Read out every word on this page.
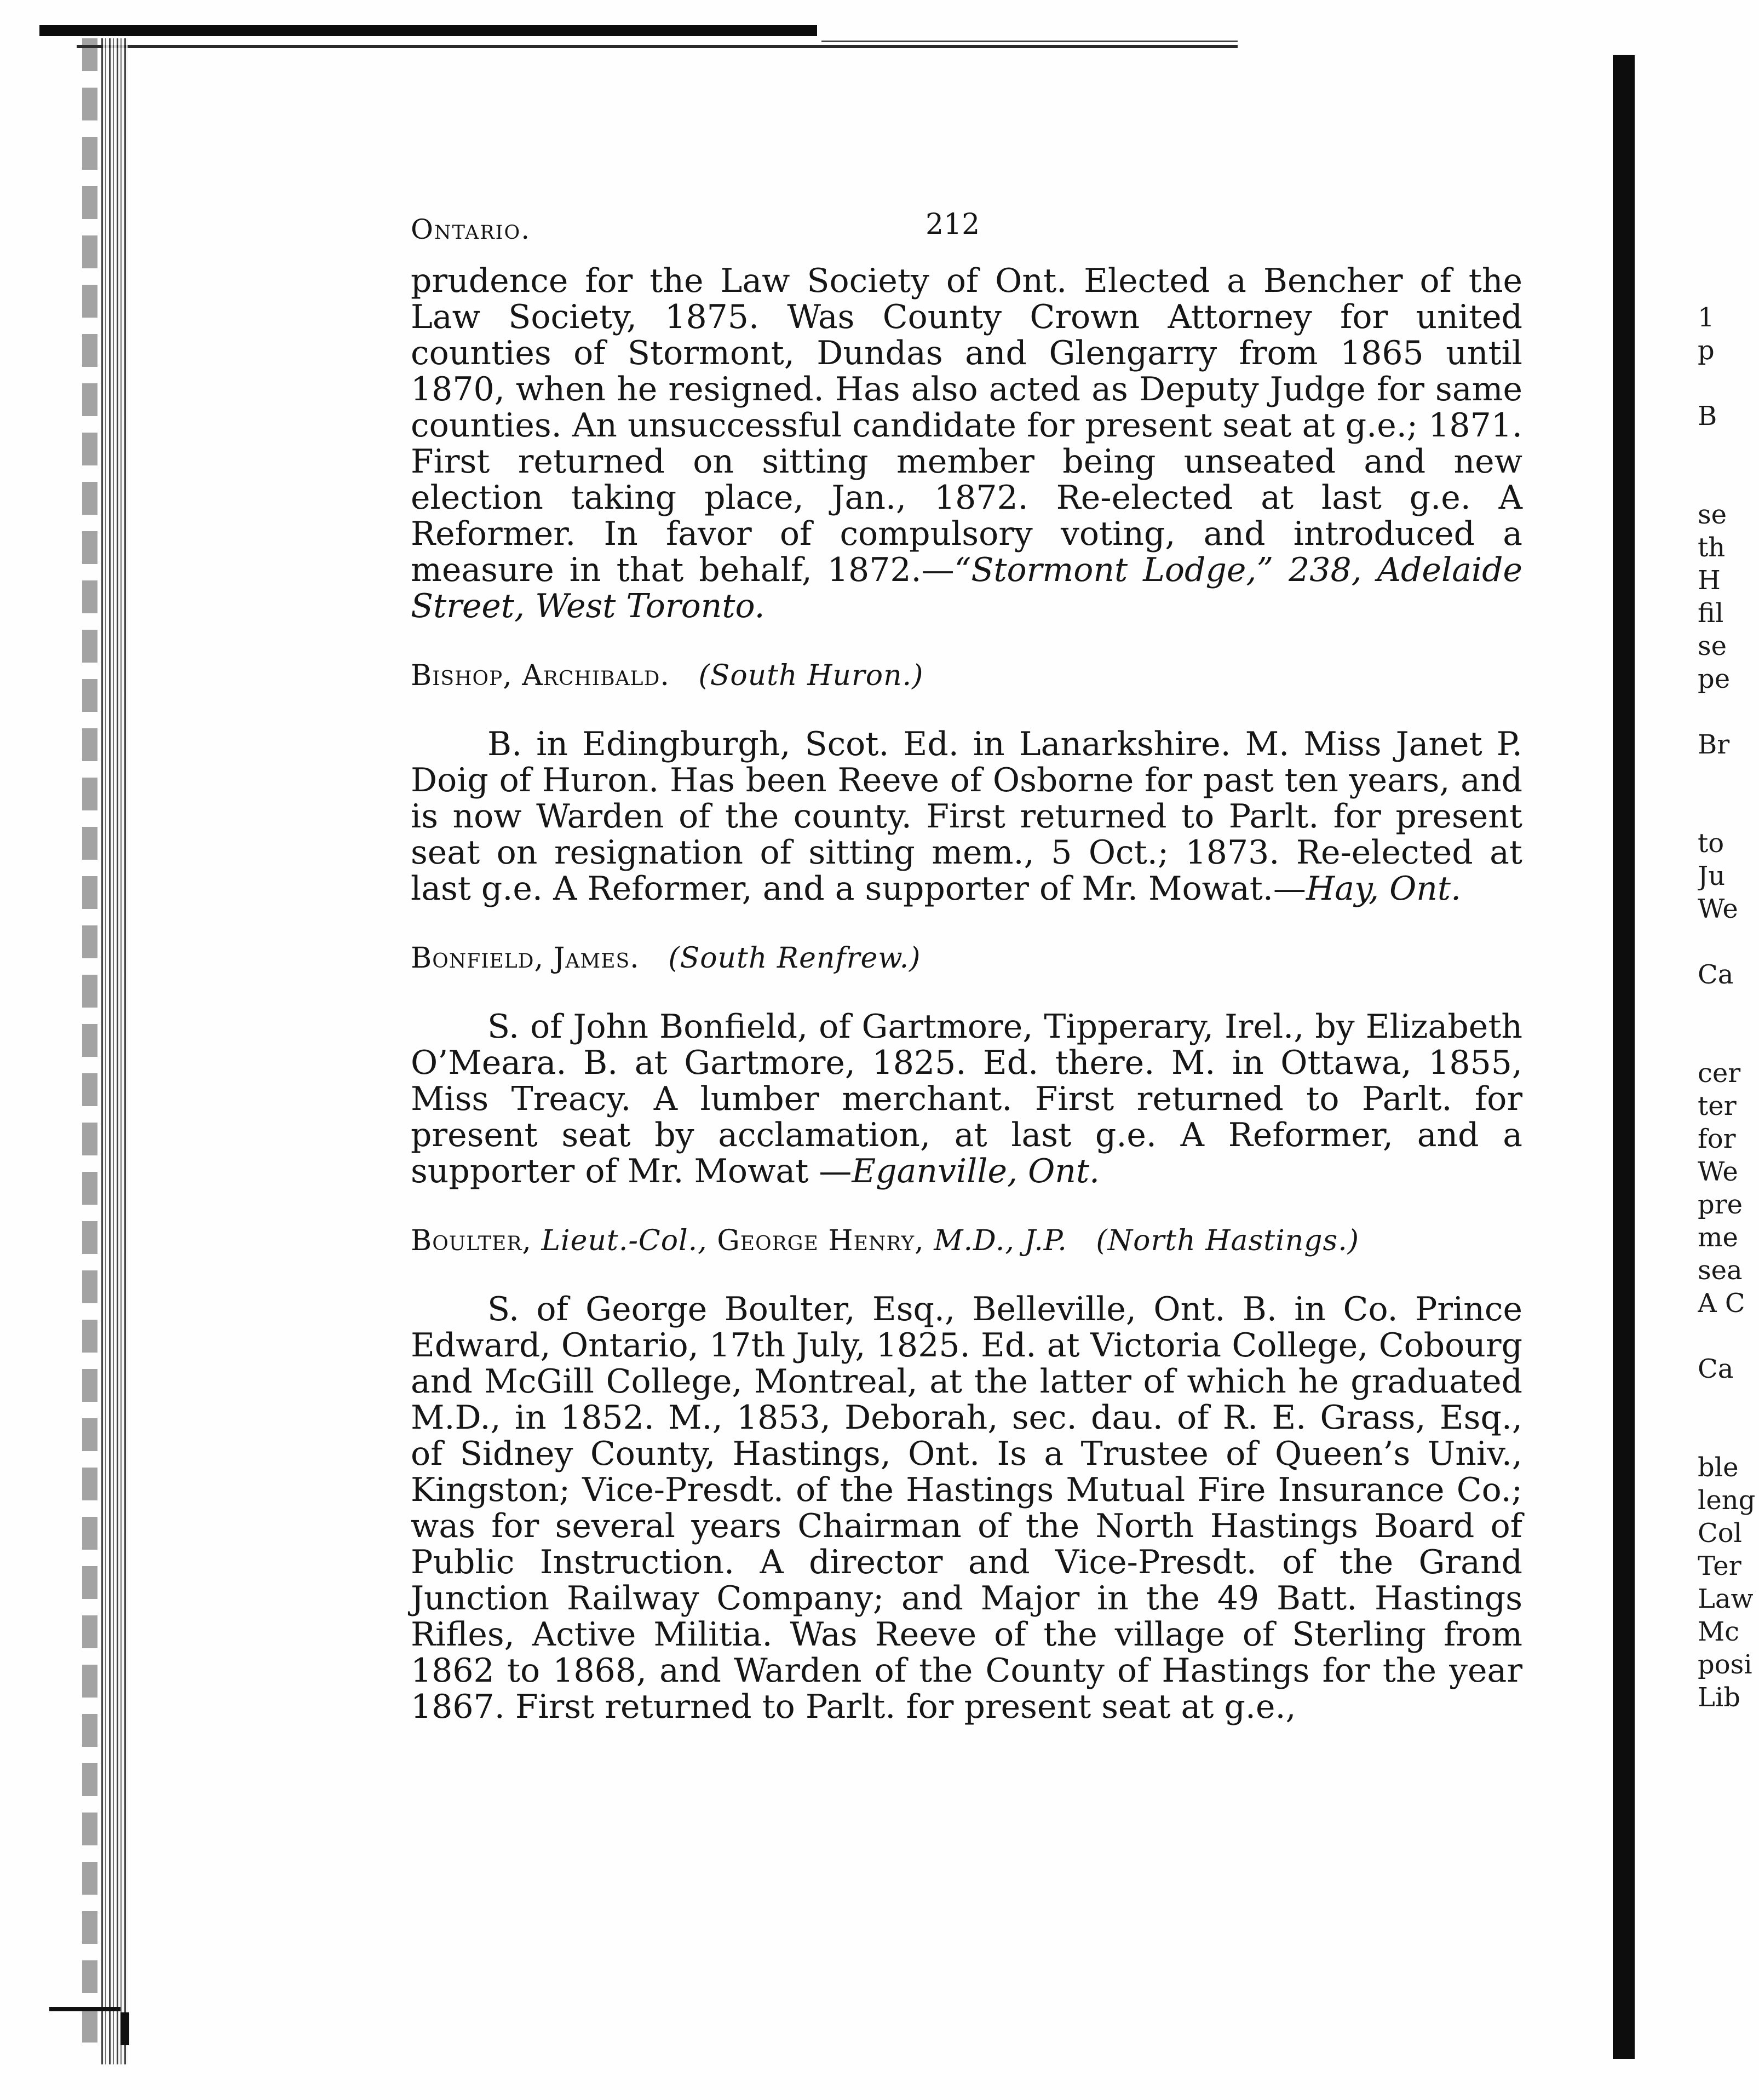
1
p

B

se
th
H
fil
se
pe

Br

to
Ju
We

Ca

cer
ter
for
We
pre
me
sea
A C

Ca

ble
leng
Col
Ter
Law
Mc
posi
Lib
Ontario.	212

prudence for the Law Society of Ont. Elected a Bencher of the Law Society, 1875. Was County Crown Attorney for united counties of Stormont, Dundas and Glengarry from 1865 until 1870, when he resigned. Has also acted as Deputy Judge for same counties. An unsuccessful candidate for present seat at g.e.; 1871. First returned on sitting member being unseated and new election taking place, Jan., 1872. Re-elected at last g.e. A Reformer. In favor of compulsory voting, and introduced a measure in that behalf, 1872.—“Stormont Lodge,” 238, Adelaide Street, West Toronto.

Bishop, Archibald. (South Huron.)

B. in Edingburgh, Scot. Ed. in Lanarkshire. M. Miss Janet P. Doig of Huron. Has been Reeve of Osborne for past ten years, and is now Warden of the county. First returned to Parlt. for present seat on resignation of sitting mem., 5 Oct.; 1873. Re-elected at last g.e. A Reformer, and a supporter of Mr. Mowat.—Hay, Ont.

Bonfield, James. (South Renfrew.)

S. of John Bonfield, of Gartmore, Tipperary, Irel., by Elizabeth O’Meara. B. at Gartmore, 1825. Ed. there. M. in Ottawa, 1855, Miss Treacy. A lumber merchant. First returned to Parlt. for present seat by acclamation, at last g.e. A Reformer, and a supporter of Mr. Mowat —Eganville, Ont.

Boulter, Lieut.-Col., George Henry, M.D., J.P. (North Hastings.)

S. of George Boulter, Esq., Belleville, Ont. B. in Co. Prince Edward, Ontario, 17th July, 1825. Ed. at Victoria College, Cobourg and McGill College, Montreal, at the latter of which he graduated M.D., in 1852. M., 1853, Deborah, sec. dau. of R. E. Grass, Esq., of Sidney County, Hastings, Ont. Is a Trustee of Queen’s Univ., Kingston; Vice-Presdt. of the Hastings Mutual Fire Insurance Co.; was for several years Chairman of the North Hastings Board of Public Instruction. A director and Vice-Presdt. of the Grand Junction Railway Company; and Major in the 49 Batt. Hastings Rifles, Active Militia. Was Reeve of the village of Sterling from 1862 to 1868, and Warden of the County of Hastings for the year 1867. First returned to Parlt. for present seat at g.e.,
